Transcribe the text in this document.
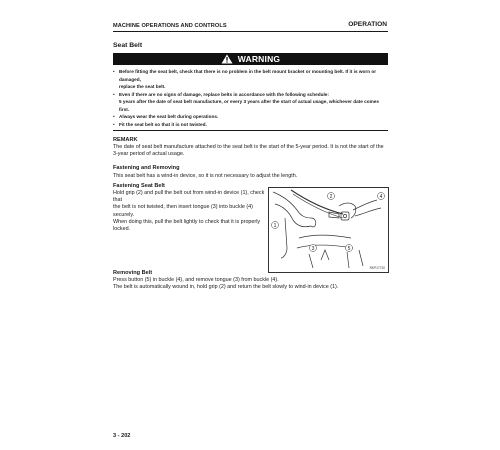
MACHINE OPERATIONS AND CONTROLS	OPERATION
Seat Belt
WARNING
• Before fitting the seat belt, check that there is no problem in the belt mount bracket or mounting belt. If it is worn or damaged,
replace the seat belt.
• Even if there are no signs of damage, replace belts in accordance with the following schedule:
5 years after the date of seat belt manufacture, or every 3 years after the start of actual usage, whichever date comes first.
• Always wear the seat belt during operations.
• Fit the seat belt so that it is not twisted.
REMARK
The date of seat belt manufacture attached to the seat belt is the start of the 5-year period. It is not the start of the
3-year period of actual usage.
Fastening and Removing
This seat belt has a wind-in device, so it is not necessary to adjust the length.
Fastening Seat Belt
Hold grip (2) and pull the belt out from wind-in device (1), check that
the belt is not twisted, then insert tongue (3) into buckle (4)
securely.
When doing this, pull the belt lightly to check that it is properly
locked.
1
2
3
4
5
RKP17720
Removing Belt
Press button (5) in buckle (4), and remove tongue (3) from buckle (4).
The belt is automatically wound in, hold grip (2) and return the belt slowly to wind-in device (1).
3 - 202
